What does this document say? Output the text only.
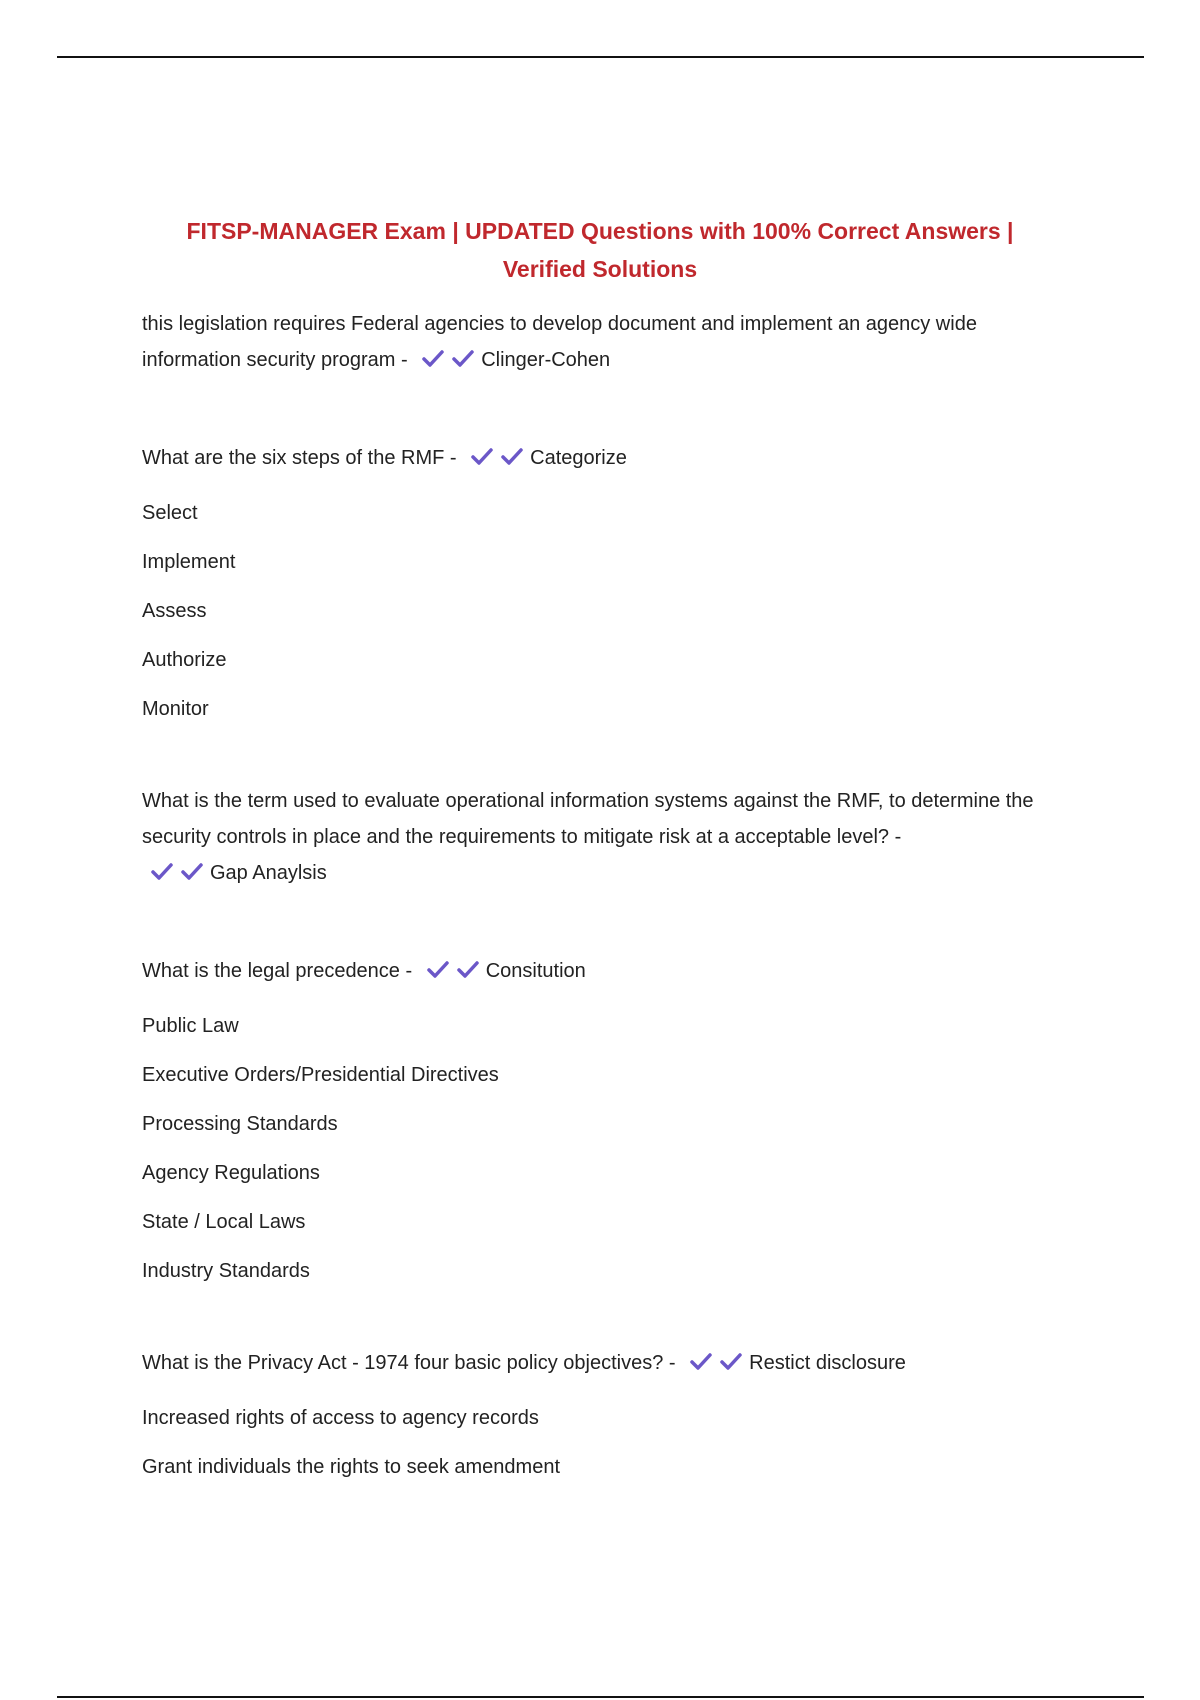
FITSP-MANAGER Exam | UPDATED Questions with 100% Correct Answers |
Verified Solutions

this legislation requires Federal agencies to develop document and implement an agency wide information security program -	Clinger-Cohen

What are the six steps of the RMF -	Categorize

Select
Implement
Assess
Authorize
Monitor

What is the term used to evaluate operational information systems against the RMF, to determine the security controls in place and the requirements to mitigate risk at a acceptable level? -
Gap Anaylsis

What is the legal precedence -	Consitution

Public Law
Executive Orders/Presidential Directives
Processing Standards
Agency Regulations
State / Local Laws
Industry Standards

What is the Privacy Act - 1974 four basic policy objectives? -	Restict disclosure

Increased rights of access to agency records
Grant individuals the rights to seek amendment
